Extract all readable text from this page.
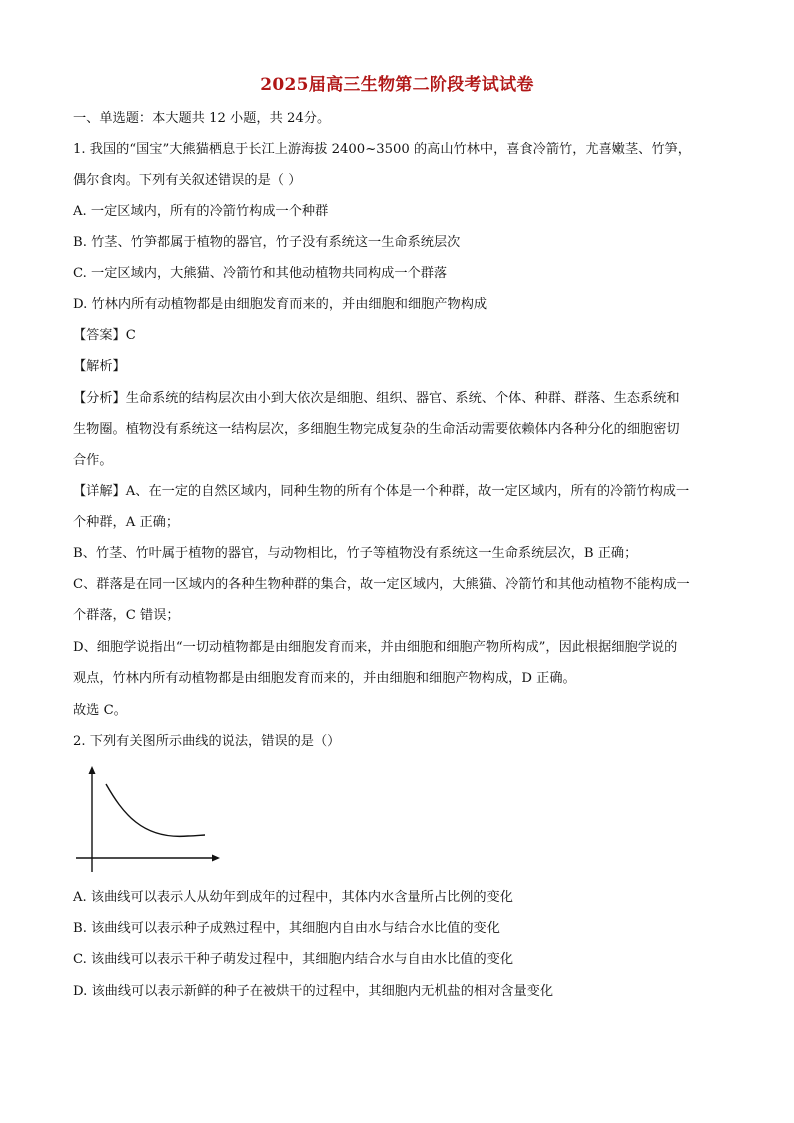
2025届高三生物第二阶段考试试卷
一、单选题：本大题共 12 小题，共 24分。
1. 我国的“国宝”大熊猫栖息于长江上游海拔 2400~3500 的高山竹林中，喜食冷箭竹，尤喜嫩茎、竹笋，
偶尔食肉。下列有关叙述错误的是（ ）
A. 一定区域内，所有的冷箭竹构成一个种群
B. 竹茎、竹笋都属于植物的器官，竹子没有系统这一生命系统层次
C. 一定区域内，大熊猫、冷箭竹和其他动植物共同构成一个群落
D. 竹林内所有动植物都是由细胞发育而来的，并由细胞和细胞产物构成
【答案】C
【解析】
【分析】生命系统的结构层次由小到大依次是细胞、组织、器官、系统、个体、种群、群落、生态系统和
生物圈。植物没有系统这一结构层次，多细胞生物完成复杂的生命活动需要依赖体内各种分化的细胞密切
合作。
【详解】A、在一定的自然区域内，同种生物的所有个体是一个种群，故一定区域内，所有的冷箭竹构成一
个种群，A 正确；
B、竹茎、竹叶属于植物的器官，与动物相比，竹子等植物没有系统这一生命系统层次，B 正确；
C、群落是在同一区域内的各种生物种群的集合，故一定区域内，大熊猫、冷箭竹和其他动植物不能构成一
个群落，C 错误；
D、细胞学说指出“一切动植物都是由细胞发育而来，并由细胞和细胞产物所构成”，因此根据细胞学说的
观点，竹林内所有动植物都是由细胞发育而来的，并由细胞和细胞产物构成，D 正确。
故选 C。
2. 下列有关图所示曲线的说法，错误的是（）
A. 该曲线可以表示人从幼年到成年的过程中，其体内水含量所占比例的变化
B. 该曲线可以表示种子成熟过程中，其细胞内自由水与结合水比值的变化
C. 该曲线可以表示干种子萌发过程中，其细胞内结合水与自由水比值的变化
D. 该曲线可以表示新鲜的种子在被烘干的过程中，其细胞内无机盐的相对含量变化
